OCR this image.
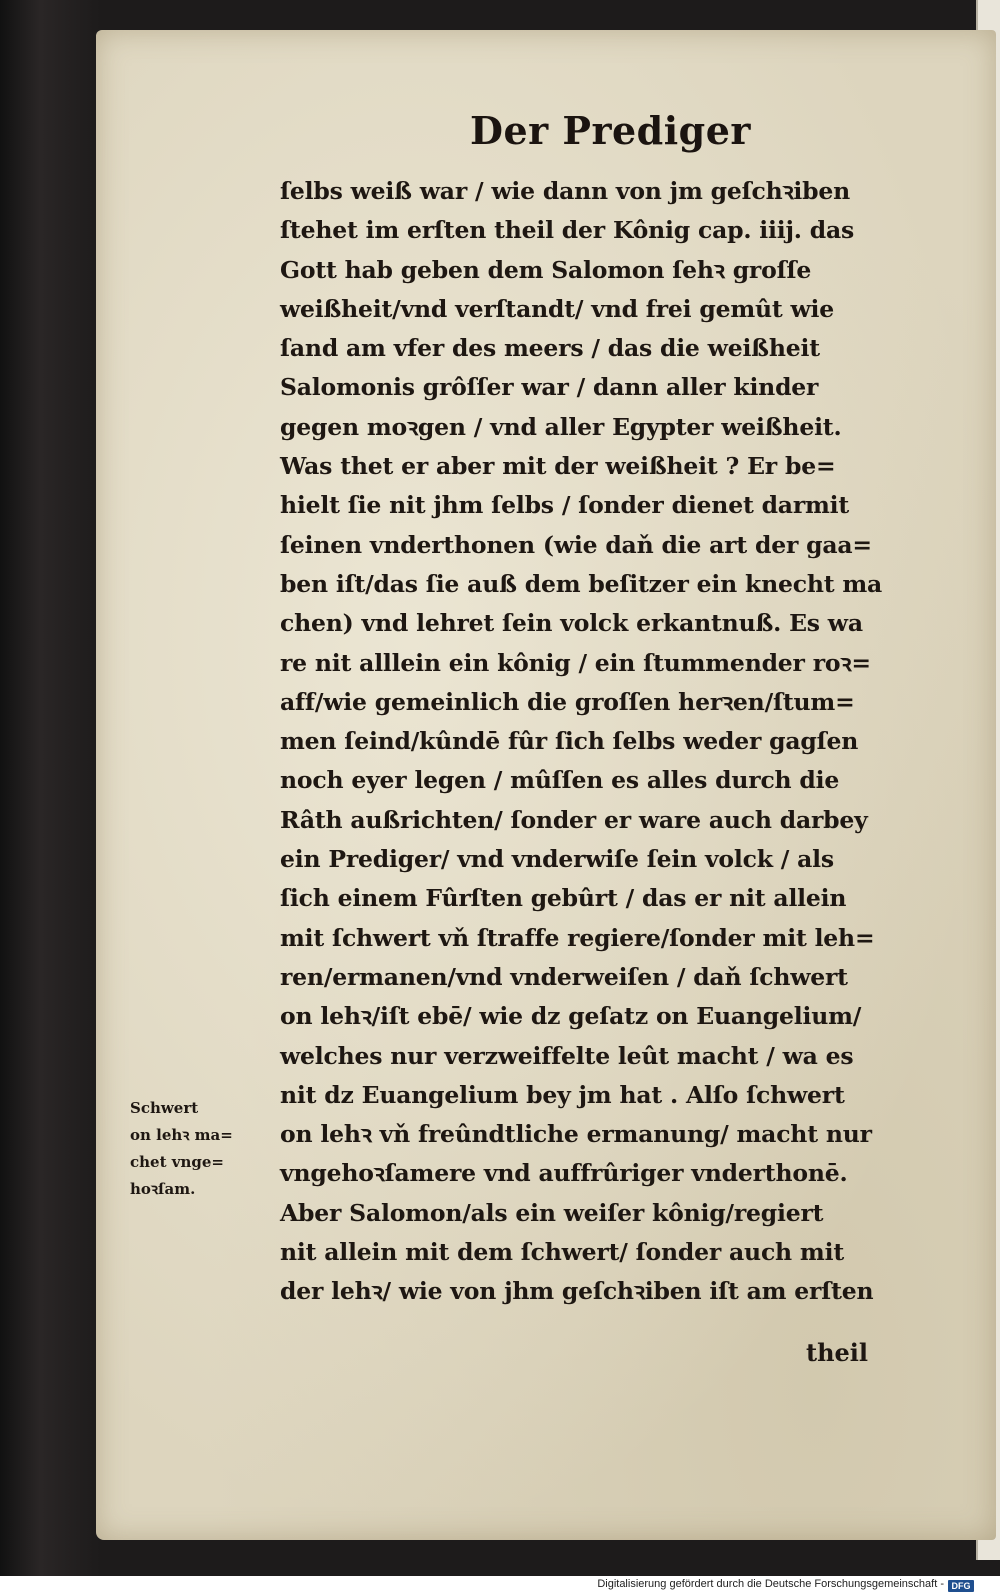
Der Prediger
ſelbs weiß war / wie dann von jm geſchꝛiben
ſtehet im erſten theil der Kônig cap. iiij. das
Gott hab geben dem Salomon ſehꝛ groſſe
weißheit/vnd verſtandt/ vnd frei gemût wie
ſand am vfer des meers / das die weißheit
Salomonis grôſſer war / dann aller kinder
gegen moꝛgen / vnd aller Egypter weißheit.
Was thet er aber mit der weißheit ? Er be=
hielt ſie nit jhm ſelbs / ſonder dienet darmit
ſeinen vnderthonen (wie daň die art der gaa=
ben iſt/das ſie auß dem beſitzer ein knecht ma
chen) vnd lehret ſein volck erkantnuß. Es wa
re nit alllein ein kônig / ein ſtummender roꝛ=
aff/wie gemeinlich die groſſen herꝛen/ſtum=
men ſeind/kûndē fûr ſich ſelbs weder gagſen
noch eyer legen / mûſſen es alles durch die
Râth außrichten/ ſonder er ware auch darbey
ein Prediger/ vnd vnderwiſe ſein volck / als
ſich einem Fûrſten gebûrt / das er nit allein
mit ſchwert vň ſtraffe regiere/ſonder mit leh=
ren/ermanen/vnd vnderweiſen / daň ſchwert
on lehꝛ/iſt ebē/ wie dz geſatz on Euangelium/
welches nur verzweiffelte leût macht / wa es
nit dz Euangelium bey jm hat . Alſo ſchwert
on lehꝛ vň freûndtliche ermanung/ macht nur
vngehoꝛſamere vnd auffrûriger vnderthonē.
Aber Salomon/als ein weiſer kônig/regiert
nit allein mit dem ſchwert/ ſonder auch mit
der lehꝛ/ wie von jhm geſchꝛiben iſt am erſten
theil
Schwert
on lehꝛ ma=
chet vnge=
hoꝛſam.
Digitalisierung gefördert durch die Deutsche Forschungsgemeinschaft - DFG
